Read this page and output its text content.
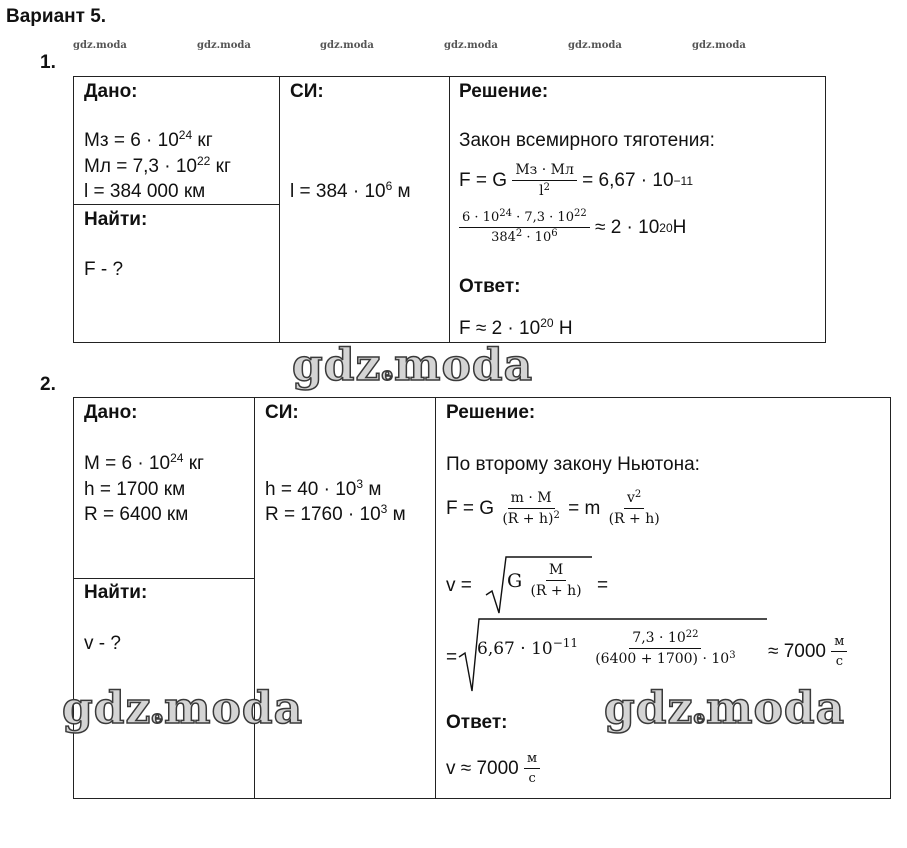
Вариант 5.
gdz.moda	gdz.moda	gdz.moda	gdz.moda	gdz.moda	gdz.moda
1.
Дано:
Mз = $6 \cdot 10^{24}$ кг
Mл = $7,3 \cdot 10^{22}$ кг
l = 384 000 км
Найти:
F - ?
СИ:
$l = 384 \cdot 10^6$ м
Решение:
Закон всемирного тяготения:
F = G
$\frac{Mз \cdot Mл}{l^2}$
= 6,67 · 10 −11
$\frac{6 \cdot 10^{24} \cdot 7,3 \cdot 10^{22}}{384^2 \cdot 10^6}$
≈ 2 · 10 20 Н
Ответ:
$F \approx 2 \cdot 10^{20}$ Н
gdzemoda
2.
Дано:
$M = 6 \cdot 10^{24}$ кг
h = 1700 км
R = 6400 км
Найти:
v - ?
СИ:
$h = 40 \cdot 10^3$ м
$R = 1760 \cdot 10^3$ м
Решение:
По второму закону Ньютона:
F = G
$\frac{m \cdot M}{(R + h)^2}$
= m
$\frac{v^2}{(R + h)}$
v = G
$\frac{M}{(R + h)}$ =
= $6,67 \cdot 10^{-11}$
$\frac{7,3 \cdot 10^{22}}{(6400 + 1700) \cdot 10^3} \approx 7000$
$\frac{м}{с}$
Ответ:
v ≈ 7000
$\frac{м}{с}$
gdzemoda	gdzemoda
